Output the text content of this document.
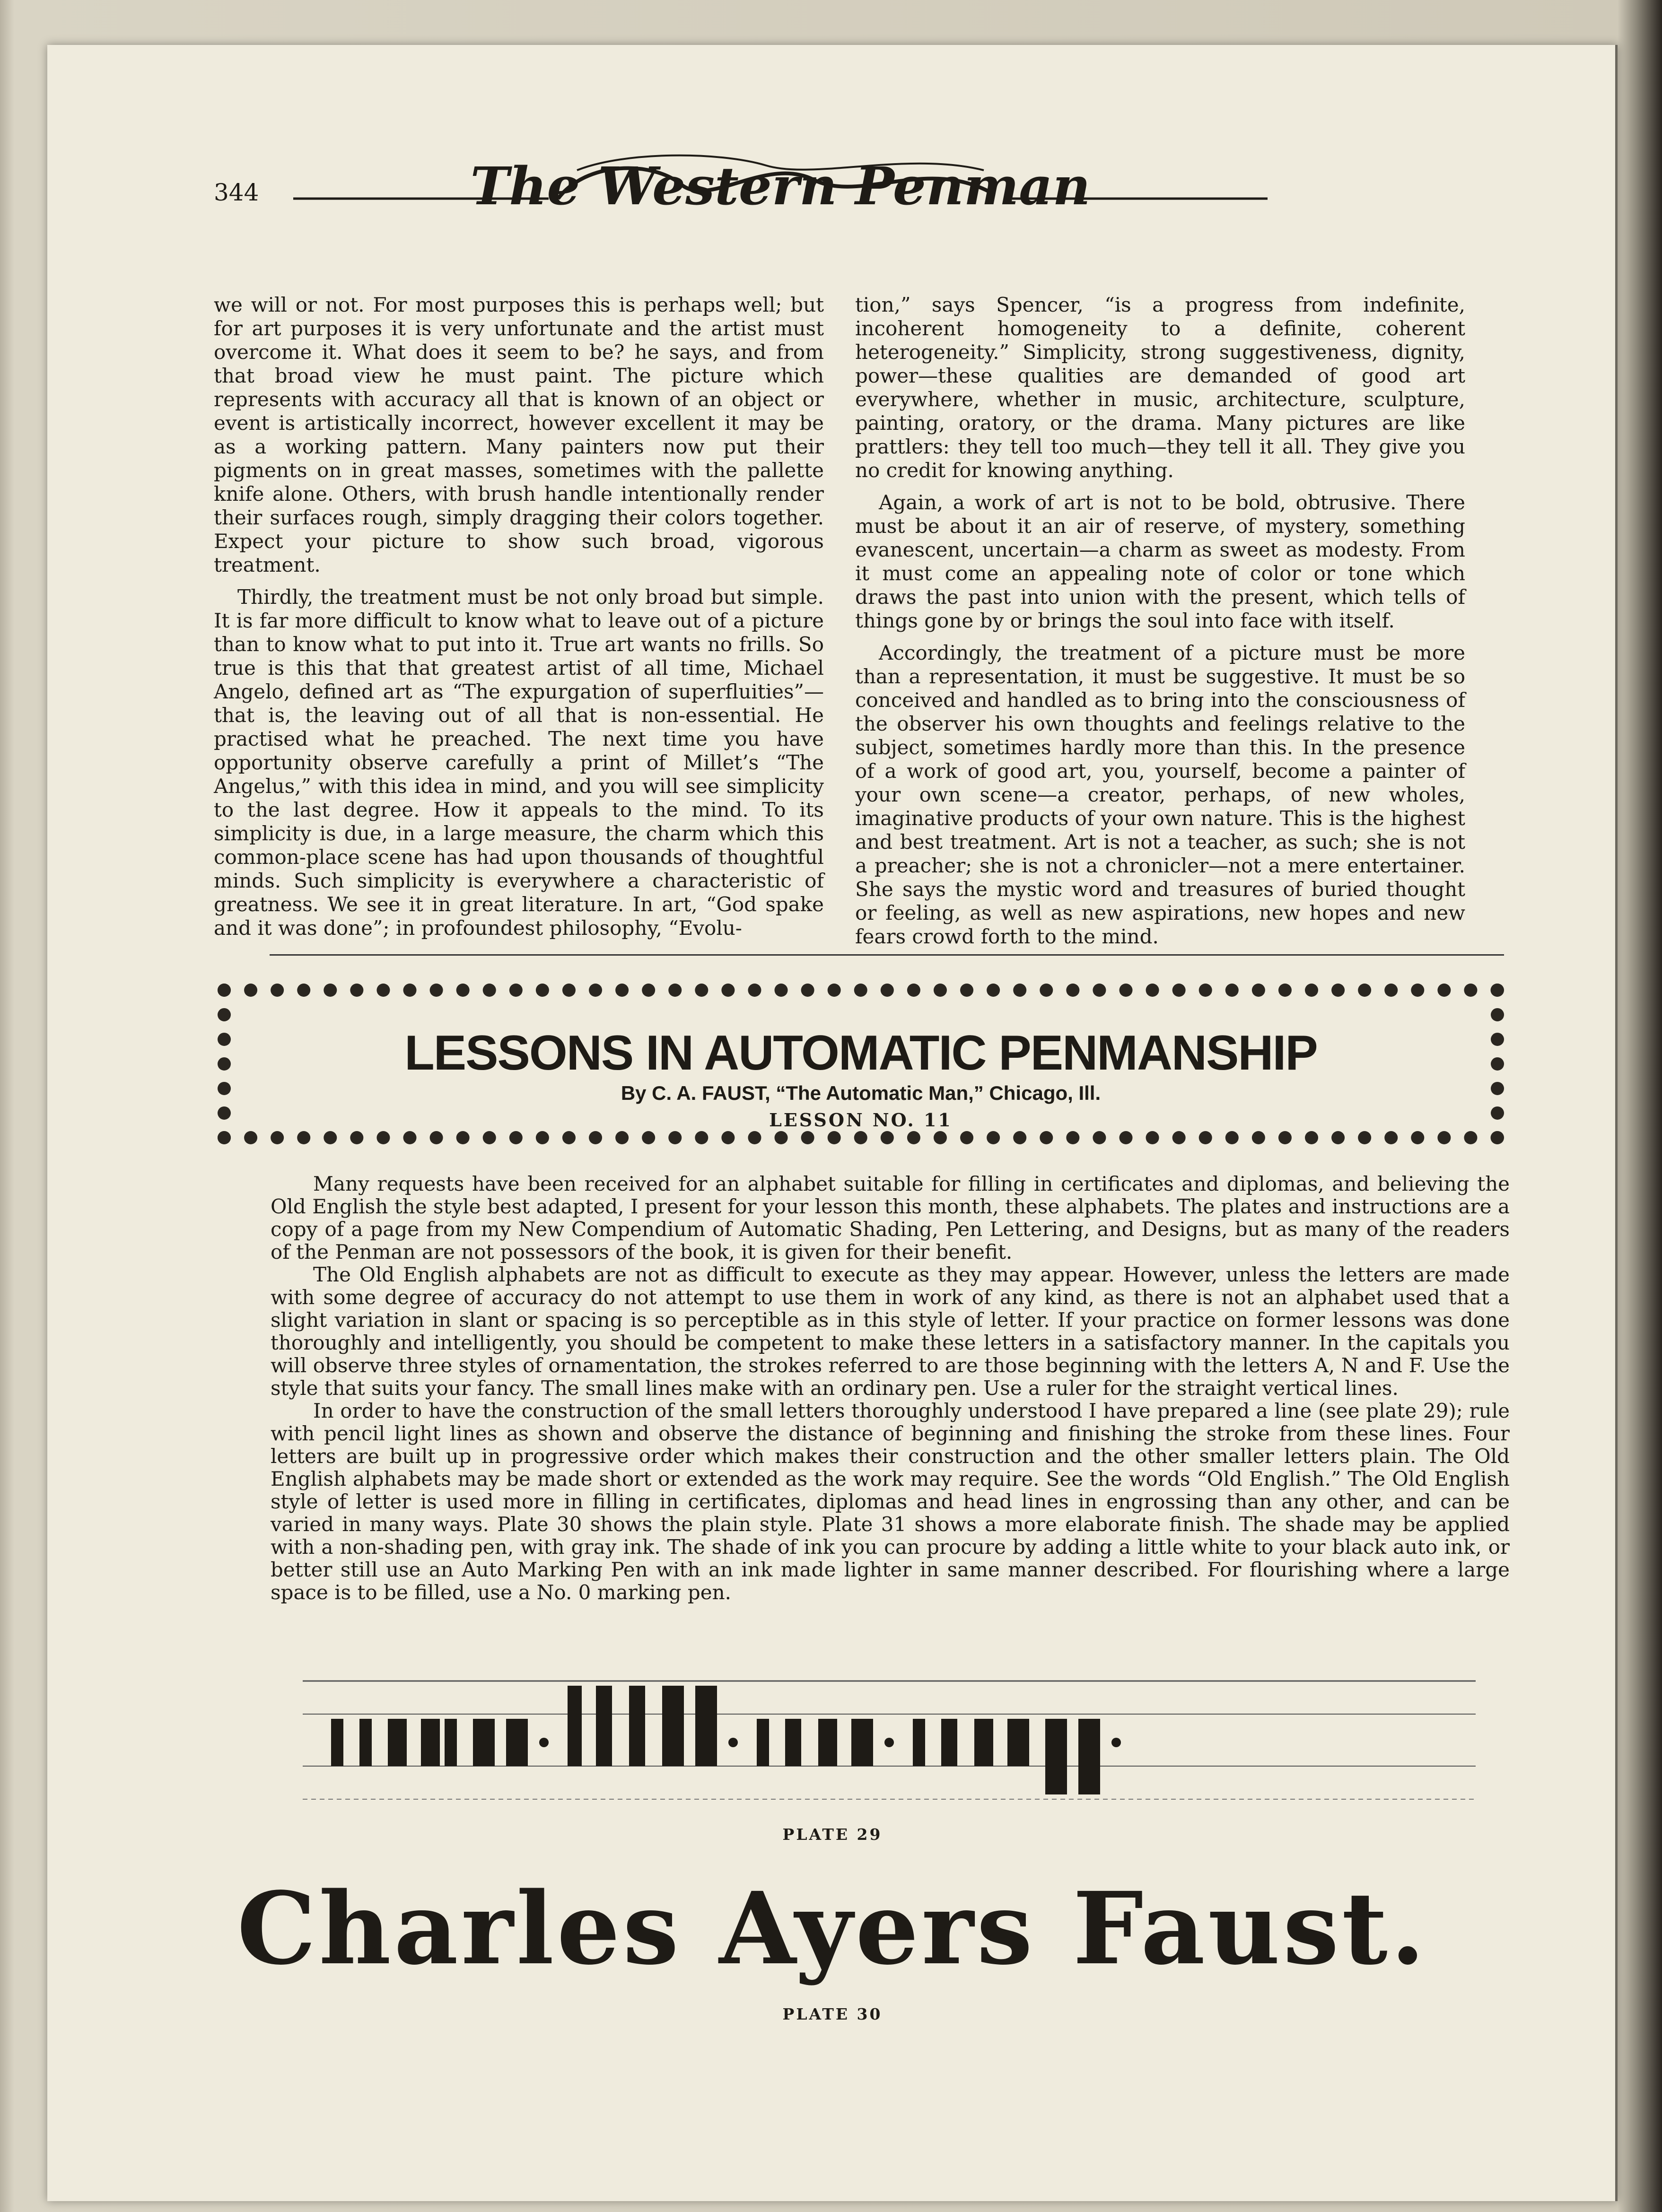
344	The Western Penman

we will or not. For most purposes this is perhaps well; but for art purposes it is very unfortunate and the artist must overcome it. What does it seem to be? he says, and from that broad view he must paint. The picture which represents with accuracy all that is known of an object or event is artistically incorrect, however excellent it may be as a working pattern. Many painters now put their pigments on in great masses, sometimes with the pallette knife alone. Others, with brush handle intentionally render their surfaces rough, simply dragging their colors together. Expect your picture to show such broad, vigorous treatment.

Thirdly, the treatment must be not only broad but simple. It is far more difficult to know what to leave out of a picture than to know what to put into it. True art wants no frills. So true is this that that greatest artist of all time, Michael Angelo, defined art as “The expurgation of superfluities”—that is, the leaving out of all that is non-essential. He practised what he preached. The next time you have opportunity observe carefully a print of Millet’s “The Angelus,” with this idea in mind, and you will see simplicity to the last degree. How it appeals to the mind. To its simplicity is due, in a large measure, the charm which this common-place scene has had upon thousands of thoughtful minds. Such simplicity is everywhere a characteristic of greatness. We see it in great literature. In art, “God spake and it was done”; in profoundest philosophy, “Evolu-

tion,” says Spencer, “is a progress from indefinite, incoherent homogeneity to a definite, coherent heterogeneity.” Simplicity, strong suggestiveness, dignity, power—these qualities are demanded of good art everywhere, whether in music, architecture, sculpture, painting, oratory, or the drama. Many pictures are like prattlers: they tell too much—they tell it all. They give you no credit for knowing anything.

Again, a work of art is not to be bold, obtrusive. There must be about it an air of reserve, of mystery, something evanescent, uncertain—a charm as sweet as modesty. From it must come an appealing note of color or tone which draws the past into union with the present, which tells of things gone by or brings the soul into face with itself.

Accordingly, the treatment of a picture must be more than a representation, it must be suggestive. It must be so conceived and handled as to bring into the consciousness of the observer his own thoughts and feelings relative to the subject, sometimes hardly more than this. In the presence of a work of good art, you, yourself, become a painter of your own scene—a creator, perhaps, of new wholes, imaginative products of your own nature. This is the highest and best treatment. Art is not a teacher, as such; she is not a preacher; she is not a chronicler—not a mere entertainer. She says the mystic word and treasures of buried thought or feeling, as well as new aspirations, new hopes and new fears crowd forth to the mind.

LESSONS IN AUTOMATIC PENMANSHIP
By C. A. FAUST, “The Automatic Man,” Chicago, Ill.
LESSON NO. 11

Many requests have been received for an alphabet suitable for filling in certificates and diplomas, and believing the Old English the style best adapted, I present for your lesson this month, these alphabets. The plates and instructions are a copy of a page from my New Compendium of Automatic Shading, Pen Lettering, and Designs, but as many of the readers of the Penman are not possessors of the book, it is given for their benefit.

The Old English alphabets are not as difficult to execute as they may appear. However, unless the letters are made with some degree of accuracy do not attempt to use them in work of any kind, as there is not an alphabet used that a slight variation in slant or spacing is so perceptible as in this style of letter. If your practice on former lessons was done thoroughly and intelligently, you should be competent to make these letters in a satisfactory manner. In the capitals you will observe three styles of ornamentation, the strokes referred to are those beginning with the letters A, N and F. Use the style that suits your fancy. The small lines make with an ordinary pen. Use a ruler for the straight vertical lines.

In order to have the construction of the small letters thoroughly understood I have prepared a line (see plate 29); rule with pencil light lines as shown and observe the distance of beginning and finishing the stroke from these lines. Four letters are built up in progressive order which makes their construction and the other smaller letters plain. The Old English alphabets may be made short or extended as the work may require. See the words “Old English.” The Old English style of letter is used more in filling in certificates, diplomas and head lines in engrossing than any other, and can be varied in many ways. Plate 30 shows the plain style. Plate 31 shows a more elaborate finish. The shade may be applied with a non-shading pen, with gray ink. The shade of ink you can procure by adding a little white to your black auto ink, or better still use an Auto Marking Pen with an ink made lighter in same manner described. For flourishing where a large space is to be filled, use a No. 0 marking pen.

PLATE 29
Charles Ayers Faust.
PLATE 30
